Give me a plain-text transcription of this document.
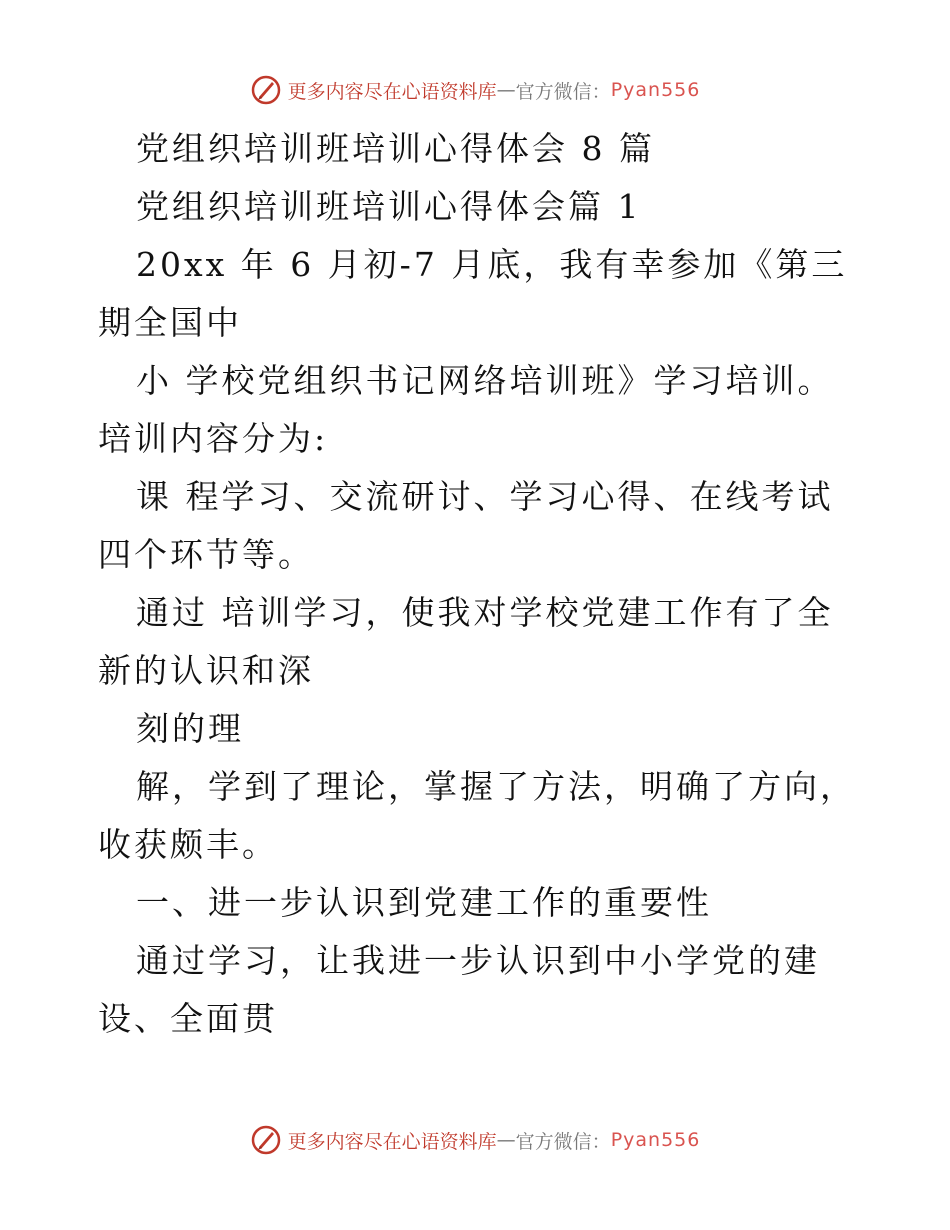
更多内容尽在心语资料库 — 官方微信： Pyan556

党组织培训班培训心得体会 8 篇

党组织培训班培训心得体会篇 1

20xx 年 6 月初-7 月底，我有幸参加《第三期全国中

小 学校党组织书记网络培训班》学习培训。培训内容分为:

课 程学习、交流研讨、学习心得、在线考试四个环节等。

通过 培训学习，使我对学校党建工作有了全新的认识和深

刻的理

解，学到了理论，掌握了方法，明确了方向，收获颇丰。

一、进一步认识到党建工作的重要性

通过学习，让我进一步认识到中小学党的建设、全面贯

更多内容尽在心语资料库 — 官方微信： Pyan556
